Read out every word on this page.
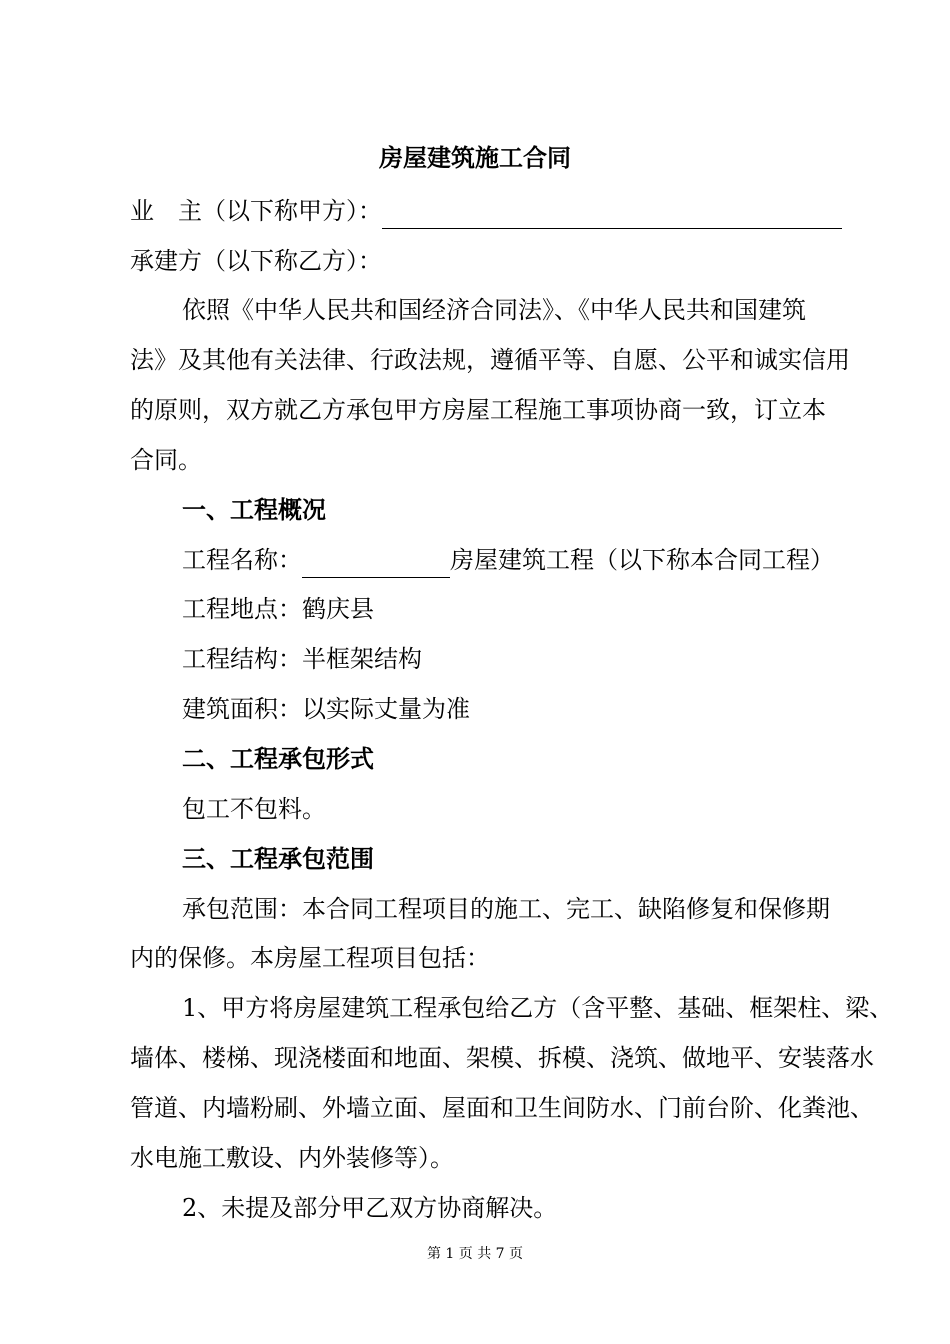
房屋建筑施工合同
业　主（以下称甲方）：
承建方（以下称乙方）：
依照《中华人民共和国经济合同法》、《中华人民共和国建筑
法》及其他有关法律、行政法规，遵循平等、自愿、公平和诚实信用
的原则，双方就乙方承包甲方房屋工程施工事项协商一致，订立本
合同。
一、工程概况
工程名称：	房屋建筑工程（以下称本合同工程）
工程地点：鹤庆县
工程结构：半框架结构
建筑面积：以实际丈量为准
二、工程承包形式
包工不包料。
三、工程承包范围
承包范围：本合同工程项目的施工、完工、缺陷修复和保修期
内的保修。本房屋工程项目包括：
1、甲方将房屋建筑工程承包给乙方（含平整、基础、框架柱、梁、
墙体、楼梯、现浇楼面和地面、架模、拆模、浇筑、做地平、安装落水
管道、内墙粉刷、外墙立面、屋面和卫生间防水、门前台阶、化粪池、
水电施工敷设、内外装修等）。
2、未提及部分甲乙双方协商解决。
第 1 页 共 7 页
